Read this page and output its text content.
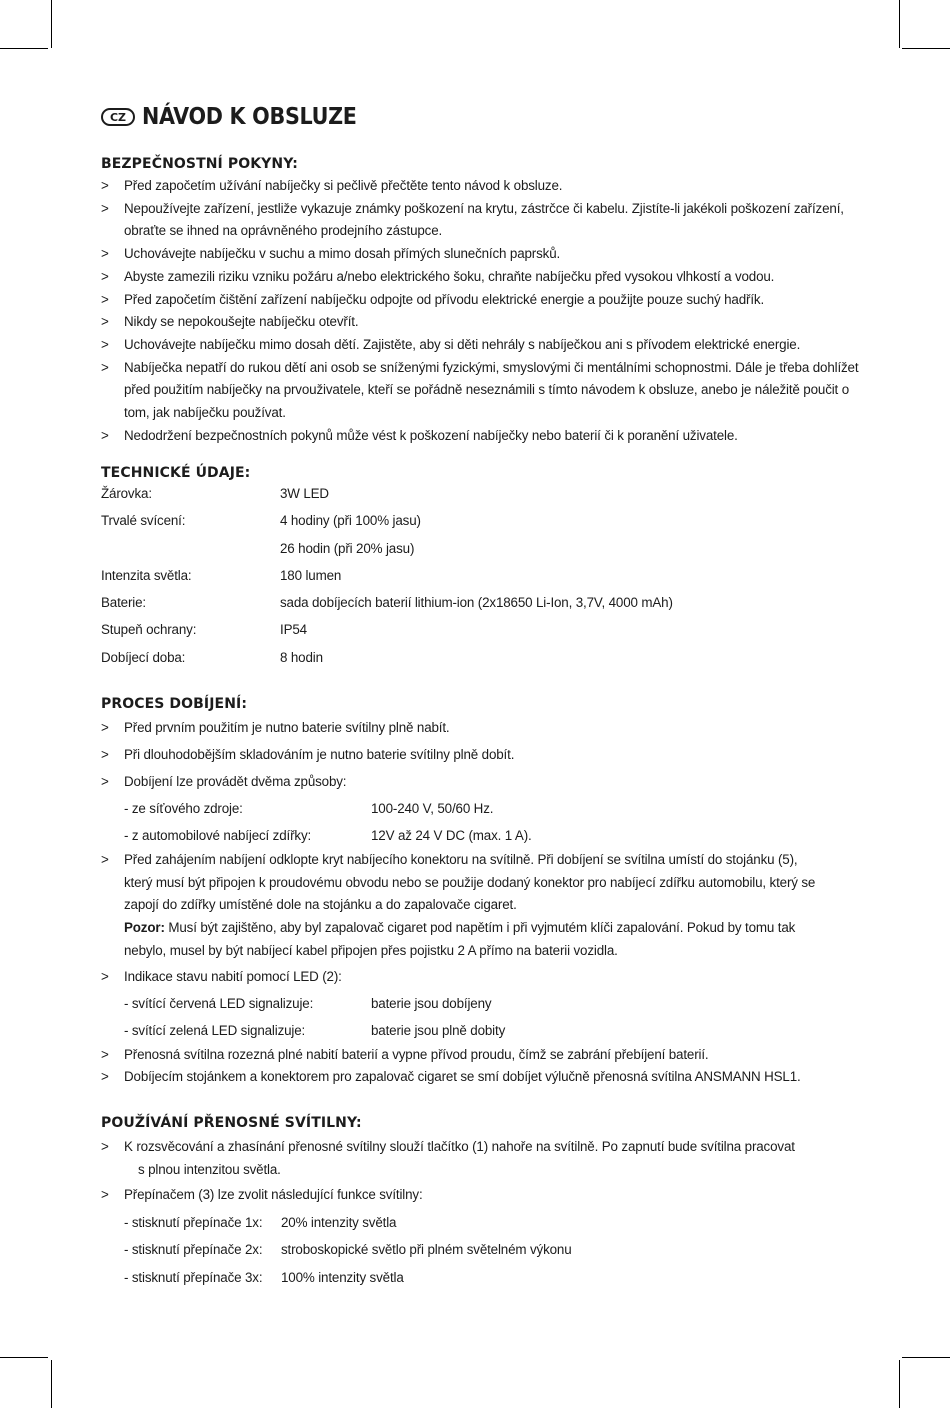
CZ NÁVOD K OBSLUZE
BEZPEČNOSTNÍ POKYNY:
> Před započetím užívání nabíječky si pečlivě přečtěte tento návod k obsluze.
> Nepoužívejte zařízení, jestliže vykazuje známky poškození na krytu, zástrčce či kabelu. Zjistíte-li jakékoli poškození zařízení,
obraťte se ihned na oprávněného prodejního zástupce.
> Uchovávejte nabíječku v suchu a mimo dosah přímých slunečních paprsků.
> Abyste zamezili riziku vzniku požáru a/nebo elektrického šoku, chraňte nabíječku před vysokou vlhkostí a vodou.
> Před započetím čištění zařízení nabíječku odpojte od přívodu elektrické energie a použijte pouze suchý hadřík.
> Nikdy se nepokoušejte nabíječku otevřít.
> Uchovávejte nabíječku mimo dosah dětí. Zajistěte, aby si děti nehrály s nabíječkou ani s přívodem elektrické energie.
> Nabíječka nepatří do rukou dětí ani osob se sníženými fyzickými, smyslovými či mentálními schopnostmi. Dále je třeba dohlížet
před použitím nabíječky na prvouživatele, kteří se pořádně neseznámili s tímto návodem k obsluze, anebo je náležitě poučit o
tom, jak nabíječku používat.
> Nedodržení bezpečnostních pokynů může vést k poškození nabíječky nebo baterií či k poranění uživatele.
TECHNICKÉ ÚDAJE:
Žárovka:	3W LED
Trvalé svícení:	4 hodiny (při 100% jasu)
26 hodin (při 20% jasu)
Intenzita světla:	180 lumen
Baterie:	sada dobíjecích baterií lithium-ion (2x18650 Li-Ion, 3,7V, 4000 mAh)
Stupeň ochrany:	IP54
Dobíjecí doba:	8 hodin
PROCES DOBÍJENÍ:
> Před prvním použitím je nutno baterie svítilny plně nabít.
> Při dlouhodobějším skladováním je nutno baterie svítilny plně dobít.
> Dobíjení lze provádět dvěma způsoby:
- ze síťového zdroje:	100-240 V, 50/60 Hz.
- z automobilové nabíjecí zdířky:	12V až 24 V DC (max. 1 A).
> Před zahájením nabíjení odklopte kryt nabíjecího konektoru na svítilně. Při dobíjení se svítilna umístí do stojánku (5),
který musí být připojen k proudovému obvodu nebo se použije dodaný konektor pro nabíjecí zdířku automobilu, který se
zapojí do zdířky umístěné dole na stojánku a do zapalovače cigaret.
Pozor: Musí být zajištěno, aby byl zapalovač cigaret pod napětím i při vyjmutém klíči zapalování. Pokud by tomu tak
nebylo, musel by být nabíjecí kabel připojen přes pojistku 2 A přímo na baterii vozidla.
> Indikace stavu nabití pomocí LED (2):
- svítící červená LED signalizuje:	baterie jsou dobíjeny
- svítící zelená LED signalizuje:	baterie jsou plně dobity
> Přenosná svítilna rozezná plné nabití baterií a vypne přívod proudu, čímž se zabrání přebíjení baterií.
> Dobíjecím stojánkem a konektorem pro zapalovač cigaret se smí dobíjet výlučně přenosná svítilna ANSMANN HSL1.
POUŽÍVÁNÍ PŘENOSNÉ SVÍTILNY:
> K rozsvěcování a zhasínání přenosné svítilny slouží tlačítko (1) nahoře na svítilně. Po zapnutí bude svítilna pracovat
s plnou intenzitou světla.
> Přepínačem (3) lze zvolit následující funkce svítilny:
- stisknutí přepínače 1x:	20% intenzity světla
- stisknutí přepínače 2x:	stroboskopické světlo při plném světelném výkonu
- stisknutí přepínače 3x:	100% intenzity světla
